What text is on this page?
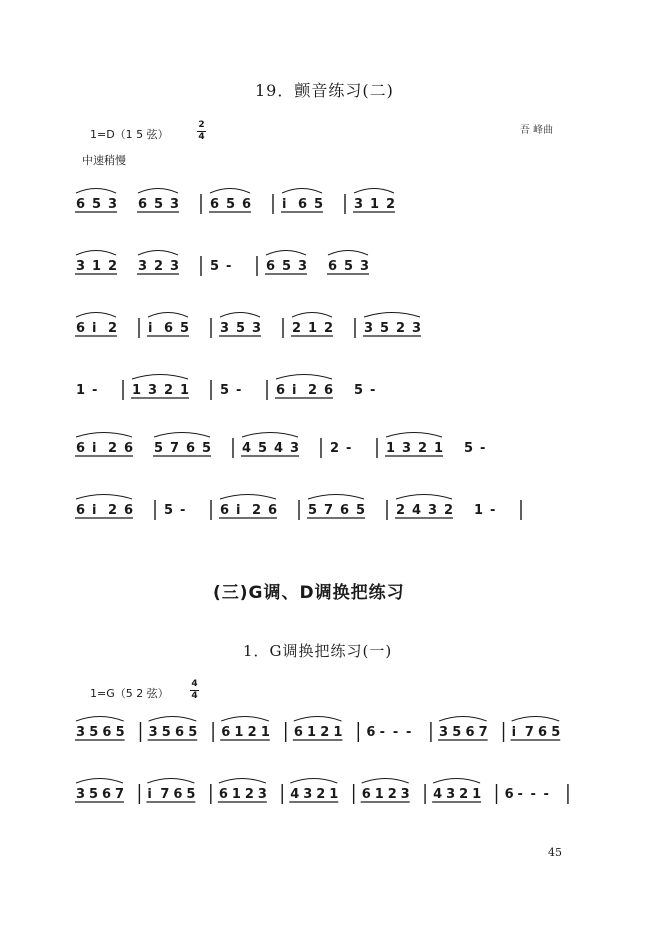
19．颤音练习(二)
1=D（1 5 弦）
2
4
吾 峰曲
中速稍慢
6 5 3 6 5 3 6 5 6 i 6 5 3 1 2
3 1 2 3 2 3 5 -	6 5 3 6 5 3
6 i 2 i 6 5 3 5 3 2 1 2 3 5 2 3
1 -	1 3 2 1 5 -	6 i 2 6 5 -
6 i 2 6 5 7 6 5 4 5 4 3 2 -	1 3 2 1 5 -
6 i 2 6 5 -	6 i 2 6 5 7 6 5 2 4 3 2 1 -
(三)G调、D调换把练习
1．G调换把练习(一)
1=G（5 2 弦）
4
4
3 5 6 5 3 5 6 5 6 1 2 1 6 1 2 1 6 - - - 3 5 6 7 i 7 6 5
3 5 6 7 i 7 6 5 6 1 2 3 4 3 2 1 6 1 2 3 4 3 2 1 6 - - -
45
